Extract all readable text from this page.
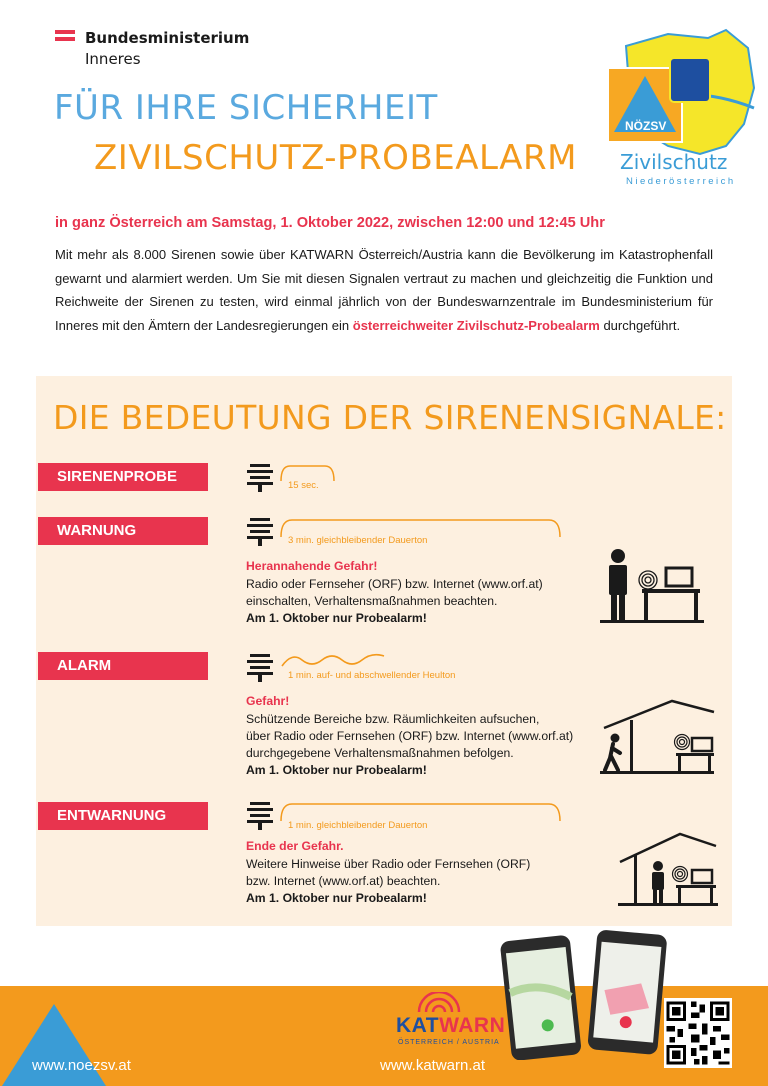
Bundesministerium
Inneres
FÜR IHRE SICHERHEIT
ZIVILSCHUTZ-PROBEALARM
NÖZSV
Zivilschutz
Niederösterreich
in ganz Österreich am Samstag, 1. Oktober 2022, zwischen 12:00 und 12:45 Uhr
Mit mehr als 8.000 Sirenen sowie über KATWARN Österreich/Austria kann die Bevölkerung im Katastrophenfall gewarnt und alarmiert werden. Um Sie mit diesen Signalen vertraut zu machen und gleichzeitig die Funktion und Reichweite der Sirenen zu testen, wird einmal jährlich von der Bundeswarnzentrale im Bundesministerium für Inneres mit den Ämtern der Landesregierungen ein österreichweiter Zivilschutz-Probealarm durchgeführt.
DIE BEDEUTUNG DER SIRENENSIGNALE:
SIRENENPROBE
15 sec.
WARNUNG
3 min. gleichbleibender Dauerton
Herannahende Gefahr!
Radio oder Fernseher (ORF) bzw. Internet (www.orf.at)
einschalten, Verhaltensmaßnahmen beachten.
Am 1. Oktober nur Probealarm!
ALARM
1 min. auf- und abschwellender Heulton
Gefahr!
Schützende Bereiche bzw. Räumlichkeiten aufsuchen,
über Radio oder Fernsehen (ORF) bzw. Internet (www.orf.at)
durchgegebene Verhaltensmaßnahmen befolgen.
Am 1. Oktober nur Probealarm!
ENTWARNUNG
1 min. gleichbleibender Dauerton
Ende der Gefahr.
Weitere Hinweise über Radio oder Fernsehen (ORF)
bzw. Internet (www.orf.at) beachten.
Am 1. Oktober nur Probealarm!
www.noezsv.at
KATWARN
ÖSTERREICH / AUSTRIA
www.katwarn.at
